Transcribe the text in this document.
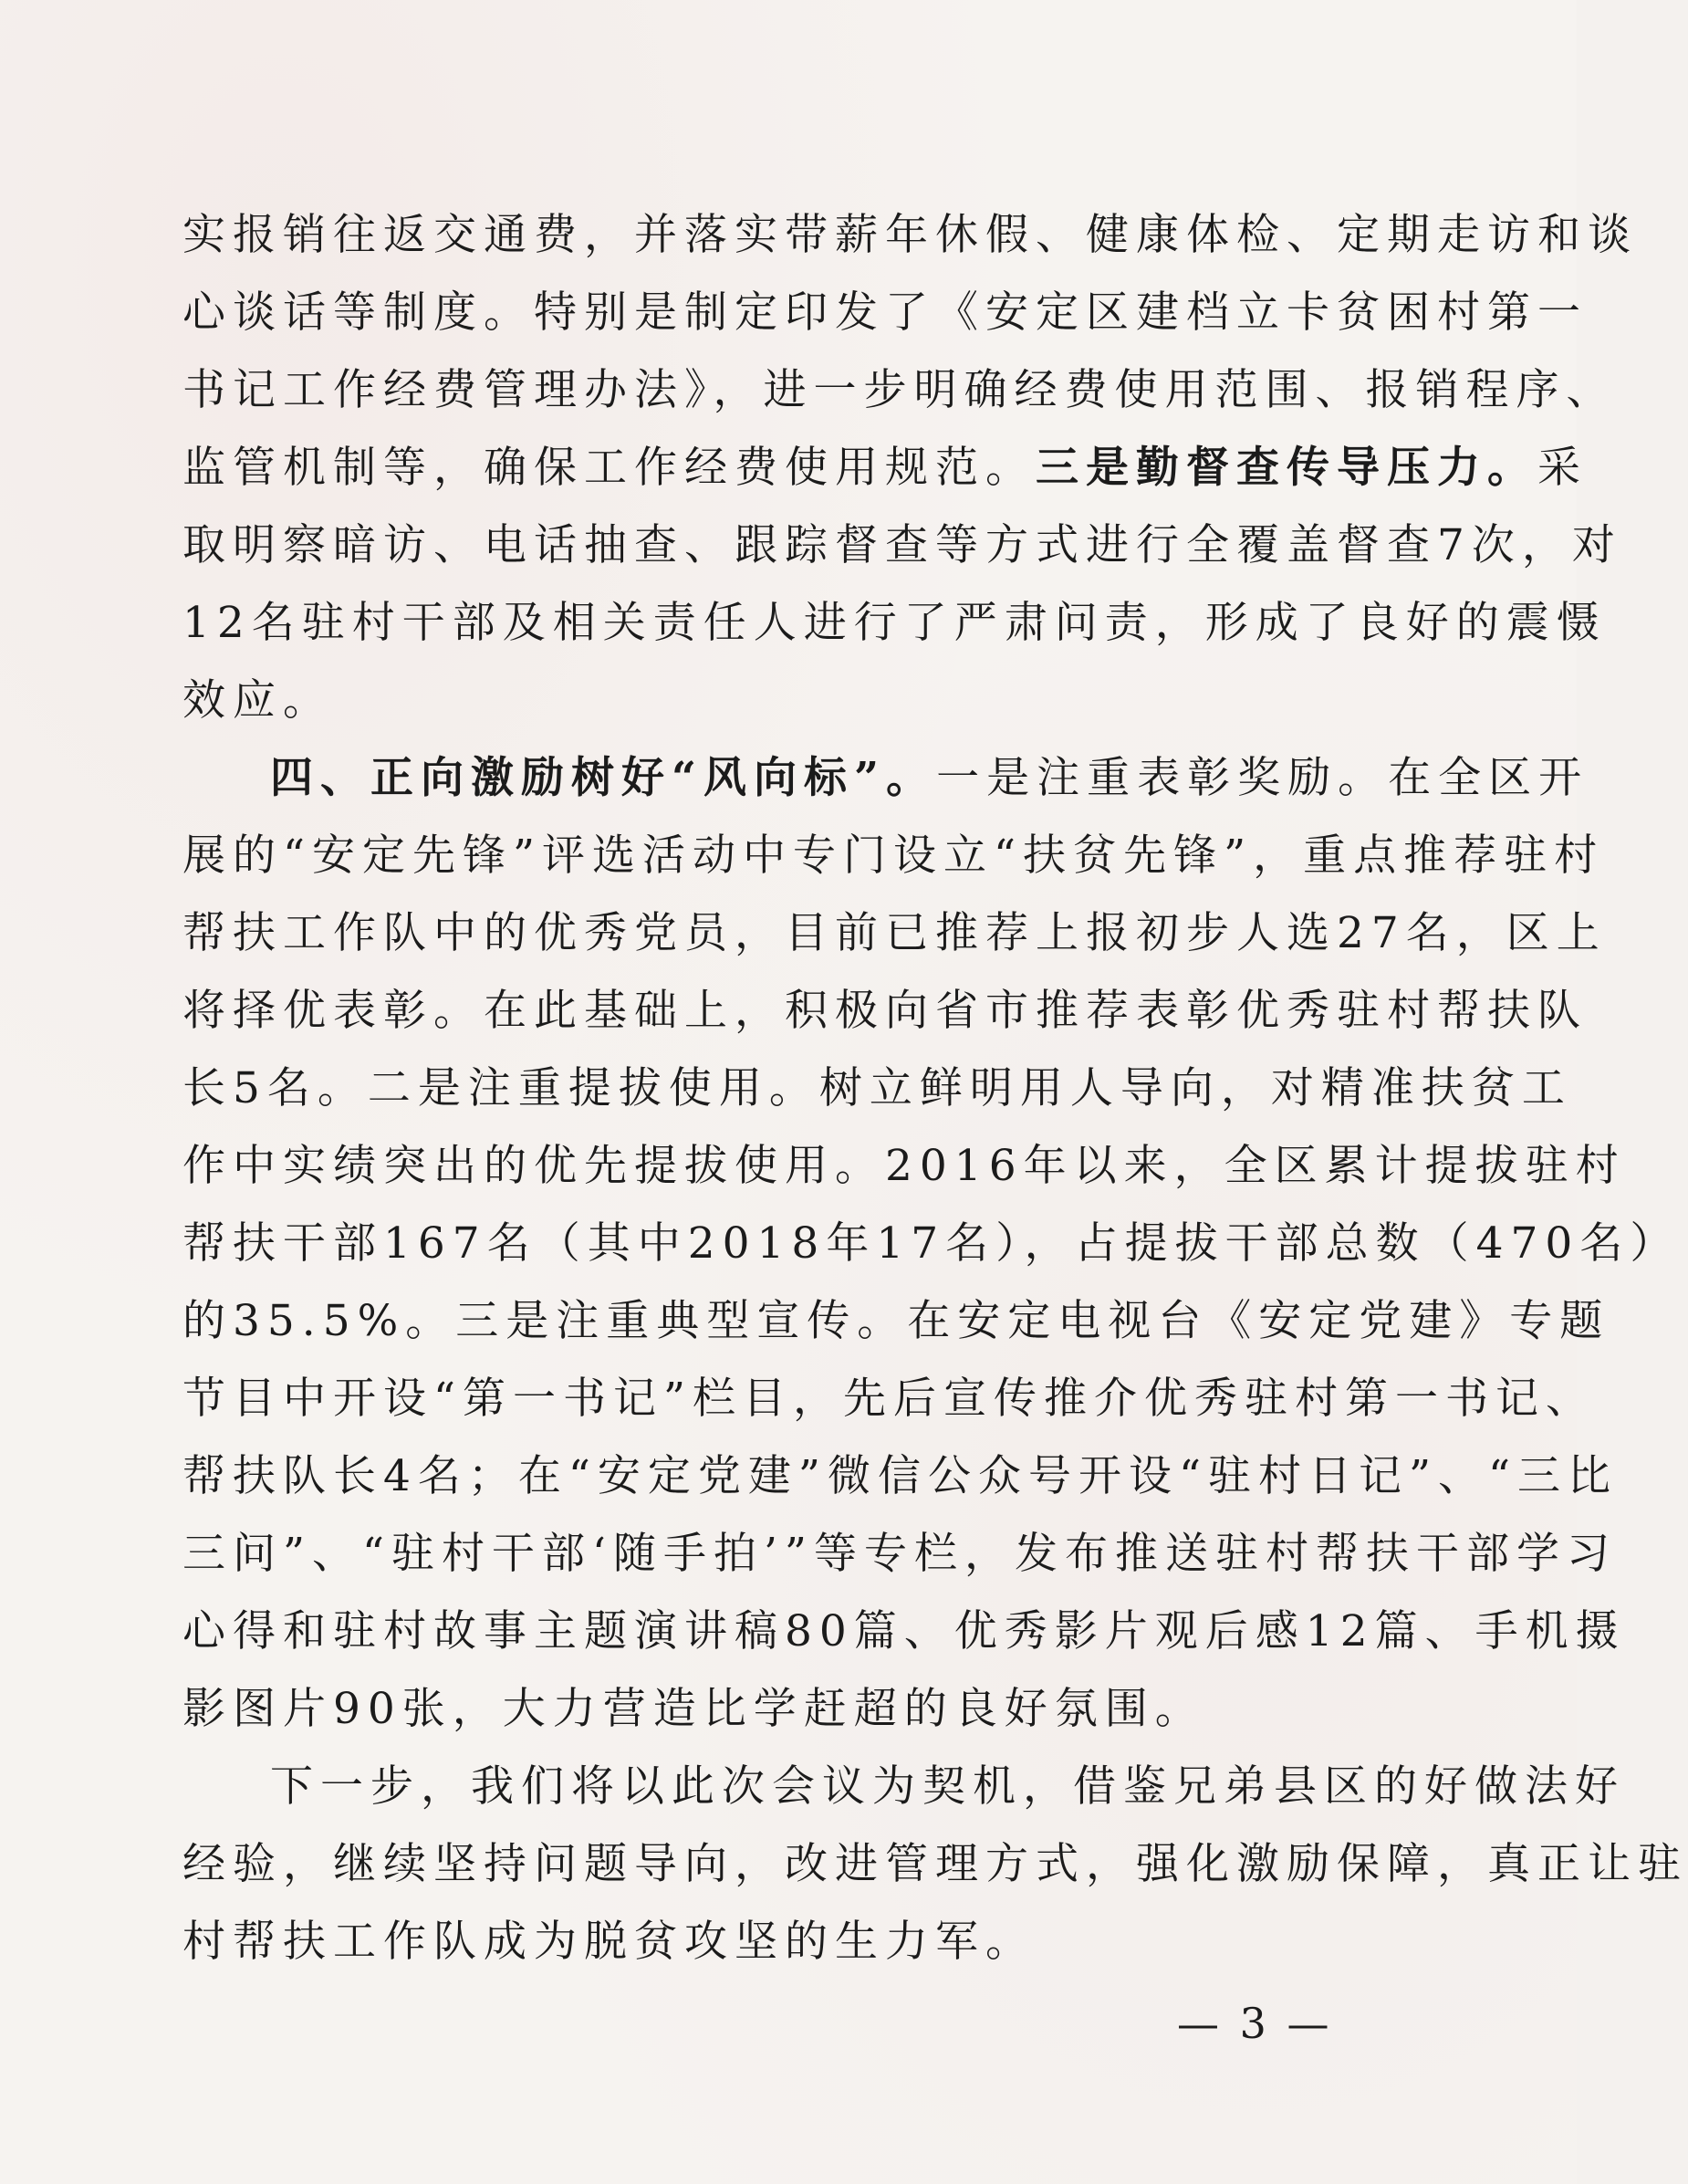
实报销往返交通费，并落实带薪年休假、健康体检、定期走访和谈
心谈话等制度。特别是制定印发了《安定区建档立卡贫困村第一
书记工作经费管理办法》，进一步明确经费使用范围、报销程序、
监管机制等，确保工作经费使用规范。三是勤督查传导压力。采
取明察暗访、电话抽查、跟踪督查等方式进行全覆盖督查7次，对
12名驻村干部及相关责任人进行了严肃问责，形成了良好的震慑
效应。
四、正向激励树好“风向标”。一是注重表彰奖励。在全区开
展的“安定先锋”评选活动中专门设立“扶贫先锋”，重点推荐驻村
帮扶工作队中的优秀党员，目前已推荐上报初步人选27名，区上
将择优表彰。在此基础上，积极向省市推荐表彰优秀驻村帮扶队
长5名。二是注重提拔使用。树立鲜明用人导向，对精准扶贫工
作中实绩突出的优先提拔使用。2016年以来，全区累计提拔驻村
帮扶干部167名（其中2018年17名），占提拔干部总数（470名）
的35.5%。三是注重典型宣传。在安定电视台《安定党建》专题
节目中开设“第一书记”栏目，先后宣传推介优秀驻村第一书记、
帮扶队长4名；在“安定党建”微信公众号开设“驻村日记”、“三比
三问”、“驻村干部‘随手拍’”等专栏，发布推送驻村帮扶干部学习
心得和驻村故事主题演讲稿80篇、优秀影片观后感12篇、手机摄
影图片90张，大力营造比学赶超的良好氛围。
下一步，我们将以此次会议为契机，借鉴兄弟县区的好做法好
经验，继续坚持问题导向，改进管理方式，强化激励保障，真正让驻
村帮扶工作队成为脱贫攻坚的生力军。
— 3 —
